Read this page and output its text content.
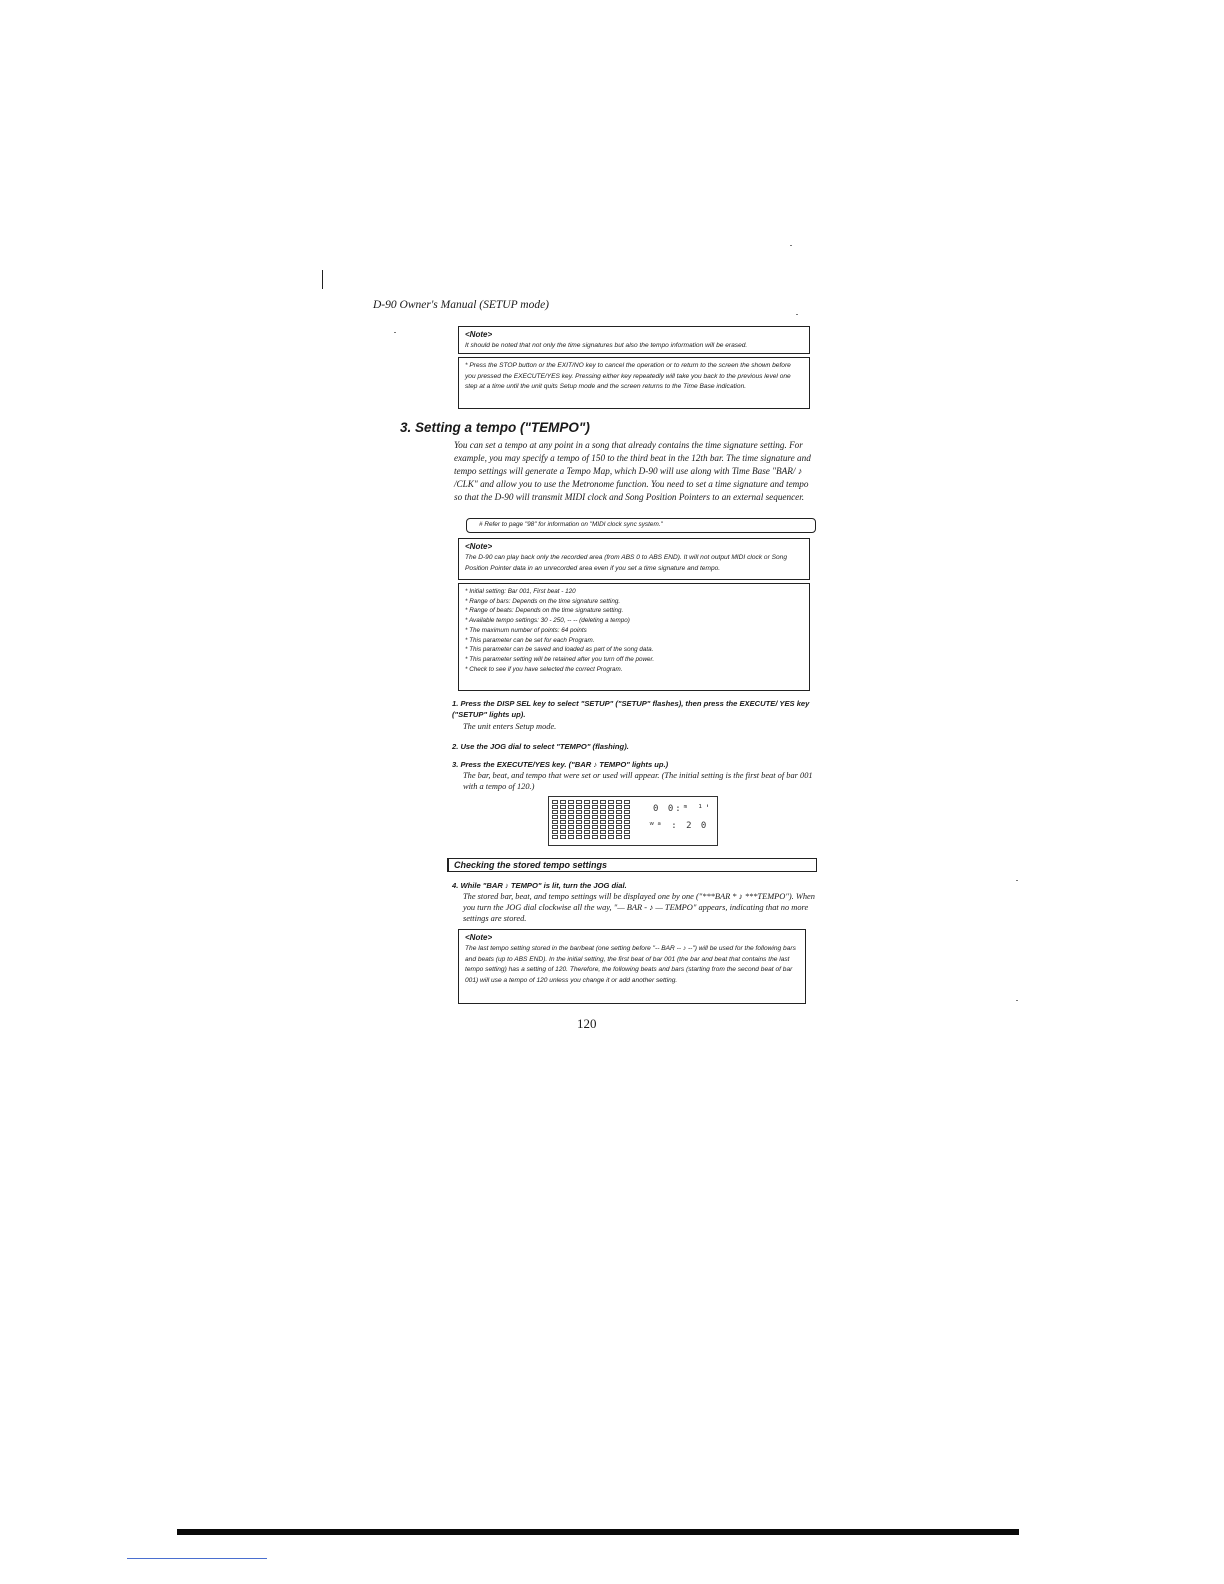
D-90 Owner's Manual (SETUP mode)
<Note>

It should be noted that not only the time signatures but also the tempo information will be erased.

* Press the STOP button or the EXIT/NO key to cancel the operation or to return to the screen the shown before you pressed the EXECUTE/YES key. Pressing either key repeatedly will take you back to the previous level one step at a time until the unit quits Setup mode and the screen returns to the Time Base indication.

3. Setting a tempo ("TEMPO")
You can set a tempo at any point in a song that already contains the time signature setting. For example, you may specify a tempo of 150 to the third beat in the 12th bar. The time signature and tempo settings will generate a Tempo Map, which D-90 will use along with Time Base "BAR/ ♪ /CLK" and allow you to use the Metronome function. You need to set a time signature and tempo so that the D-90 will transmit MIDI clock and Song Position Pointers to an external sequencer.
# Refer to page "98" for information on "MIDI clock sync system."
<Note>

The D-90 can play back only the recorded area (from ABS 0 to ABS END). It will not output MIDI clock or Song Position Pointer data in an unrecorded area even if you set a time signature and tempo.

* Initial setting: Bar 001, First beat - 120

* Range of bars: Depends on the time signature setting.

* Range of beats: Depends on the time signature setting.

* Available tempo settings: 30 - 250, -- -- (deleting a tempo)

* The maximum number of points: 64 points

* This parameter can be set for each Program.

* This parameter can be saved and loaded as part of the song data.

* This parameter setting will be retained after you turn off the power.

* Check to see if you have selected the correct Program.

1. Press the DISP SEL key to select "SETUP" ("SETUP" flashes), then press the EXECUTE/ YES key ("SETUP" lights up).
The unit enters Setup mode.
2. Use the JOG dial to select "TEMPO" (flashing).
3. Press the EXECUTE/YES key. ("BAR ♪ TEMPO" lights up.)
The bar, beat, and tempo that were set or used will appear. (The initial setting is the first beat of bar 001 with a tempo of 120.)
0 0:ᵐ ¹'
ʷᵃ : 2 0
Checking the stored tempo settings
4. While "BAR ♪ TEMPO" is lit, turn the JOG dial.
The stored bar, beat, and tempo settings will be displayed one by one ("***BAR * ♪ ***TEMPO"). When you turn the JOG dial clockwise all the way, "— BAR - ♪ — TEMPO" appears, indicating that no more settings are stored.
<Note>

The last tempo setting stored in the bar/beat (one setting before "-- BAR -- ♪ --") will be used for the following bars and beats (up to ABS END). In the initial setting, the first beat of bar 001 (the bar and beat that contains the last tempo setting) has a setting of 120. Therefore, the following beats and bars (starting from the second beat of bar 001) will use a tempo of 120 unless you change it or add another setting.

120
